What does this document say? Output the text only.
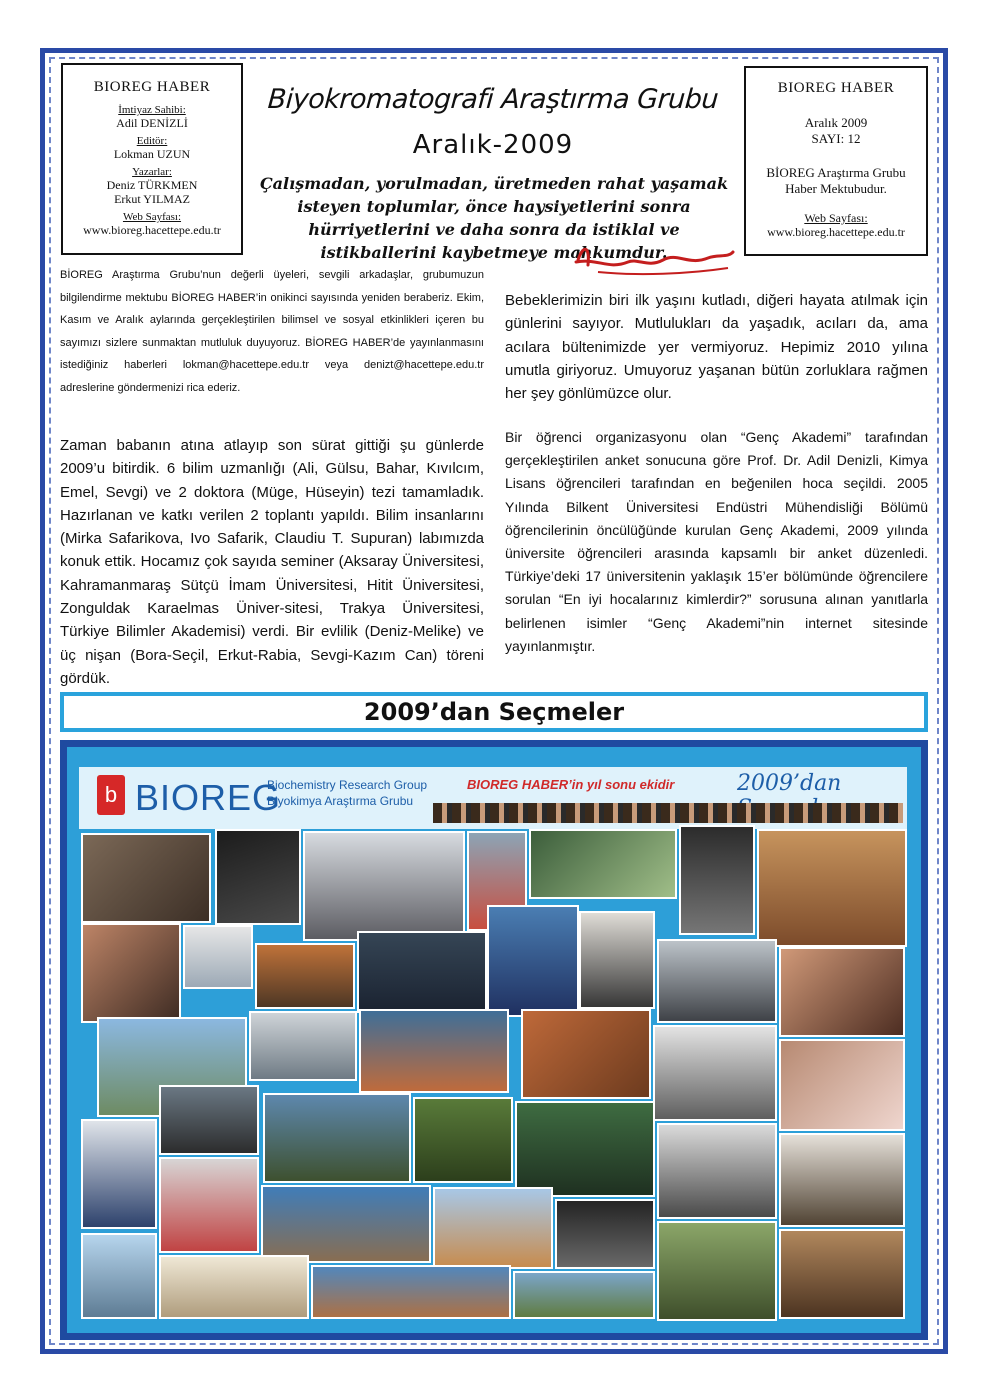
BIOREG HABER
İmtiyaz Sahibi:
Adil DENİZLİ
Editör:
Lokman UZUN
Yazarlar:
Deniz TÜRKMEN
Erkut YILMAZ
Web Sayfası:
www.bioreg.hacettepe.edu.tr
BIOREG HABER
Aralık 2009
SAYI: 12
BİOREG Araştırma Grubu
Haber Mektubudur.
Web Sayfası:
www.bioreg.hacettepe.edu.tr
Biyokromatografi Araştırma Grubu
Aralık-2009
Çalışmadan, yorulmadan, üretmeden rahat yaşamak isteyen toplumlar, önce haysiyetlerini sonra hürriyetlerini ve daha sonra da istiklal ve istikballerini kaybetmeye mahkumdur.
BİOREG Araştırma Grubu’nun değerli üyeleri, sevgili arkadaşlar, grubumuzun bilgilendirme mektubu BİOREG HABER’in onikinci sayısında yeniden beraberiz. Ekim, Kasım ve Aralık aylarında gerçekleştirilen bilimsel ve sosyal etkinlikleri içeren bu sayımızı sizlere sunmaktan mutluluk duyuyoruz. BİOREG HABER’de yayınlanmasını istediğiniz haberleri lokman@hacettepe.edu.tr veya denizt@hacettepe.edu.tr adreslerine göndermenizi rica ederiz.
Zaman babanın atına atlayıp son sürat gittiği şu günlerde 2009’u bitirdik. 6 bilim uzmanlığı (Ali, Gülsu, Bahar, Kıvılcım, Emel, Sevgi) ve 2 doktora (Müge, Hüseyin) tezi tamamladık. Hazırlanan ve katkı verilen 2 toplantı yapıldı. Bilim insanlarını (Mirka Safarikova, Ivo Safarik, Claudiu T. Supuran) labımızda konuk ettik. Hocamız çok sayıda seminer (Aksaray Üniversitesi, Kahramanmaraş Sütçü İmam Üniversitesi, Hitit Üniversitesi, Zonguldak Karaelmas Üniver-sitesi, Trakya Üniversitesi, Türkiye Bilimler Akademisi) verdi. Bir evlilik (Deniz-Melike) ve üç nişan (Bora-Seçil, Erkut-Rabia, Sevgi-Kazım Can) töreni gördük.
Bebeklerimizin biri ilk yaşını kutladı, diğeri hayata atılmak için günlerini sayıyor. Mutlulukları da yaşadık, acıları da, ama acılara bültenimizde yer vermiyoruz. Hepimiz 2010 yılına umutla giriyoruz. Umuyoruz yaşanan bütün zorluklara rağmen her şey gönlümüzce olur.
Bir öğrenci organizasyonu olan “Genç Akademi” tarafından gerçekleştirilen anket sonucuna göre Prof. Dr. Adil Denizli, Kimya Lisans öğrencileri tarafından en beğenilen hoca seçildi. 2005 Yılında Bilkent Üniversitesi Endüstri Mühendisliği Bölümü öğrencilerinin öncülüğünde kurulan Genç Akademi, 2009 yılında üniversite öğrencileri arasında kapsamlı bir anket düzenledi. Türkiye’deki 17 üniversitenin yaklaşık 15’er bölümünde öğrencilere sorulan “En iyi hocalarınız kimlerdir?” sorusuna alınan yanıtlarla belirlenen isimler “Genç Akademi”nin internet sitesinde yayınlanmıştır.
2009’dan Seçmeler
b BIOREG
Biochemistry Research Group
Biyokimya Araştırma Grubu
BIOREG HABER’in yıl sonu ekidir	2009’dan
